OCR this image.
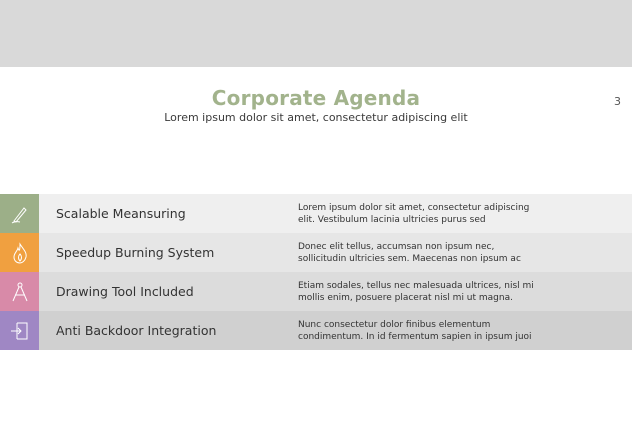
Corporate Agenda
Lorem ipsum dolor sit amet, consectetur adipiscing elit
3
Scalable Meansuring	Lorem ipsum dolor sit amet, consectetur adipiscing
elit. Vestibulum lacinia ultricies purus sed
Speedup Burning System	Donec elit tellus, accumsan non ipsum nec,
sollicitudin ultricies sem. Maecenas non ipsum ac
Drawing Tool Included	Etiam sodales, tellus nec malesuada ultrices, nisl mi
mollis enim, posuere placerat nisl mi ut magna.
Anti Backdoor Integration	Nunc consectetur dolor finibus elementum
condimentum. In id fermentum sapien in ipsum juoi
